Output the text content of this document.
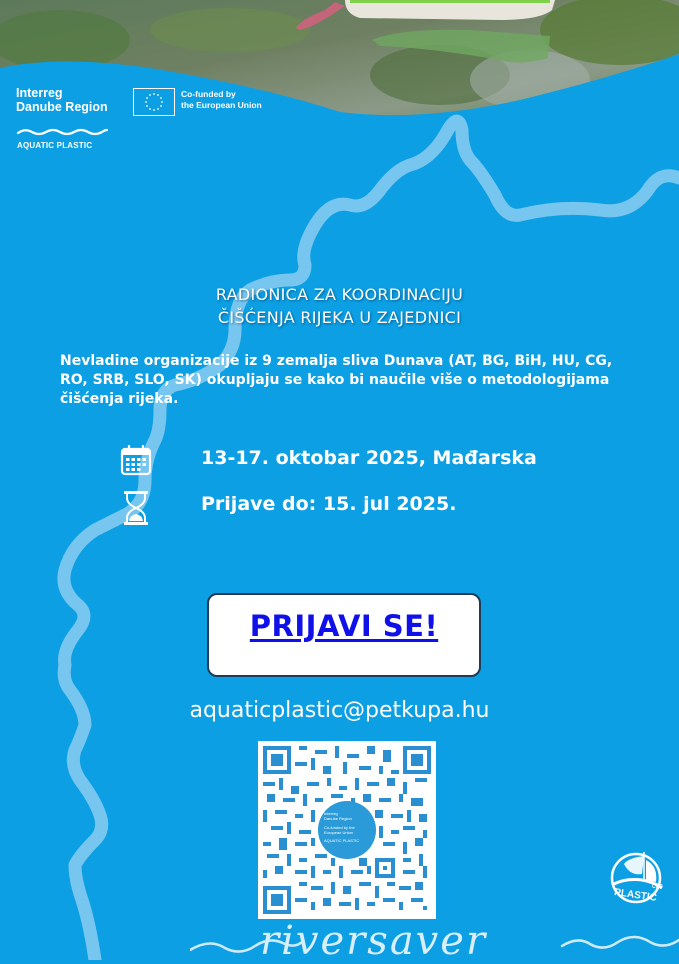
Interreg
Danube Region
Co-funded by
the European Union
AQUATIC PLASTIC
RADIONICA ZA KOORDINACIJU
ČIŠĆENJA RIJEKA U ZAJEDNICI
Nevladine organizacije iz 9 zemalja sliva Dunava (AT, BG, BiH, HU, CG, RO, SRB, SLO, SK) okupljaju se kako bi naučile više o metodologijama čišćenja rijeka.
13-17. oktobar 2025, Mađarska
Prijave do: 15. jul 2025.
PRIJAVI SE!
aquaticplastic@petkupa.hu
Interreg
Danube Region
Co-funded by the European Union
AQUATIC PLASTIC
PLASTIC
CUP
riversaver
